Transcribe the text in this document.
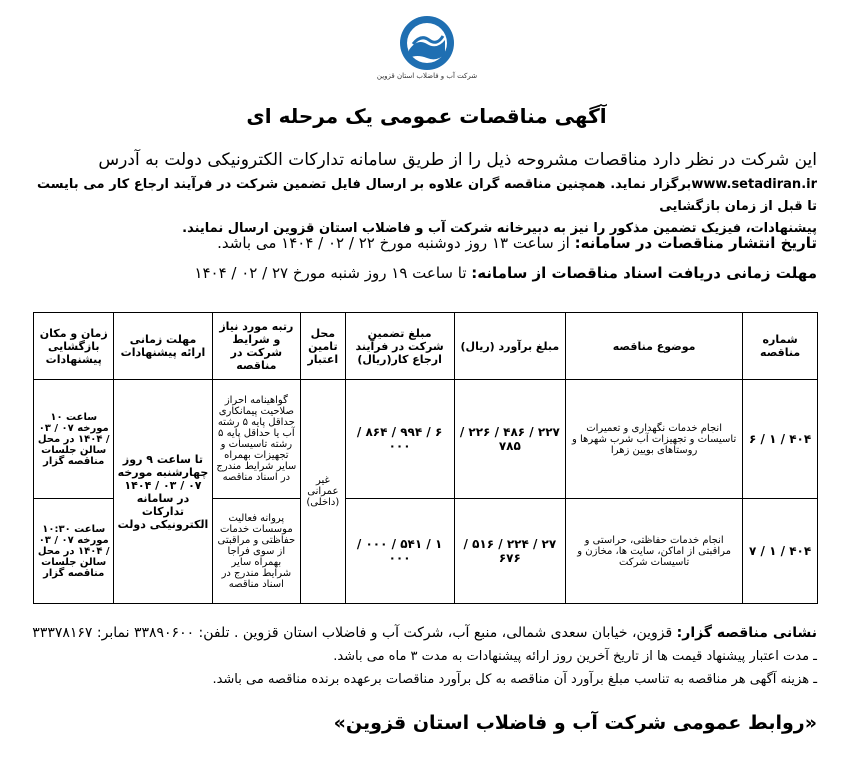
شرکت آب و فاضلاب استان قزوین
آگهی مناقصات عمومی یک مرحله ای
این شرکت در نظر دارد مناقصات مشروحه ذیل را از طریق سامانه تدارکات الکترونیکی دولت به آدرس
www.setadiran.irبرگزار نماید. همچنین مناقصه گران علاوه بر ارسال فایل تضمین شرکت در فرآیند ارجاع کار می بایست تا قبل از زمان بازگشایی
پیشنهادات، فیزیک تضمین مذکور را نیز به دبیرخانه شرکت آب و فاضلاب استان قزوین ارسال نمایند.
تاریخ انتشار مناقصات در سامانه: از ساعت ۱۳ روز دوشنبه مورخ ۲۲ / ۰۲ / ۱۴۰۴ می باشد.
مهلت زمانی دریافت اسناد مناقصات از سامانه: تا ساعت ۱۹ روز شنبه مورخ ۲۷ / ۰۲ / ۱۴۰۴
شماره مناقصه	موضوع مناقصه	مبلغ برآورد (ریال)	مبلغ تضمین شرکت در فرآیند ارجاع کار(ریال)	محل تامین اعتبار	رتبه مورد نیاز و شرایط شرکت در مناقصه	مهلت زمانی ارائه پیشنهادات	زمان و مکان بازگشایی پیشنهادات
۴۰۴ / ۱ / ۶	انجام خدمات نگهداری و تعمیرات تاسیسات و تجهیزات آب شرب شهرها و روستاهای بویین زهرا	۲۲۷ / ۴۸۶ / ۲۲۶ / ۷۸۵	۶ / ۹۹۴ / ۸۶۴ / ۰۰۰	غیر عمرانی (داخلی)	گواهینامه احراز صلاحیت پیمانکاری حداقل پایه ۵ رشته آب یا حداقل پایه ۵ رشته تاسیسات و تجهیزات بهمراه سایر شرایط مندرج در اسناد مناقصه	تا ساعت ۹ روز چهارشنبه مورخه ۰۷ / ۰۳ / ۱۴۰۴ در سامانه تدارکات الکترونیکی دولت	ساعت ۱۰ مورخه ۰۷ / ۰۳ / ۱۴۰۴ در محل سالن جلسات مناقصه گزار
۴۰۴ / ۱ / ۷	انجام خدمات حفاظتی، حراستی و مراقبتی از اماکن، سایت ها، مخازن و تاسیسات شرکت	۲۷ / ۲۲۴ / ۵۱۶ / ۶۷۶	۱ / ۵۴۱ / ۰۰۰ / ۰۰۰		پروانه فعالیت موسسات خدمات حفاظتی و مراقبتی از سوی فراجا بهمراه سایر شرایط مندرج در اسناد مناقصه		ساعت ۱۰:۳۰ مورخه ۰۷ / ۰۳ / ۱۴۰۴ در محل سالن جلسات مناقصه گزار
نشانی مناقصه گزار: قزوین، خیابان سعدی شمالی، منبع آب، شرکت آب و فاضلاب استان قزوین . تلفن: ۳۳۸۹۰۶۰۰ نمابر: ۳۳۳۷۸۱۶۷
ـ مدت اعتبار پیشنهاد قیمت ها از تاریخ آخرین روز ارائه پیشنهادات به مدت ۳ ماه می باشد.
ـ هزینه آگهی هر مناقصه به تناسب مبلغ برآورد آن مناقصه به کل برآورد مناقصات برعهده برنده مناقصه می باشد.
«روابط عمومی شرکت آب و فاضلاب استان قزوین»
